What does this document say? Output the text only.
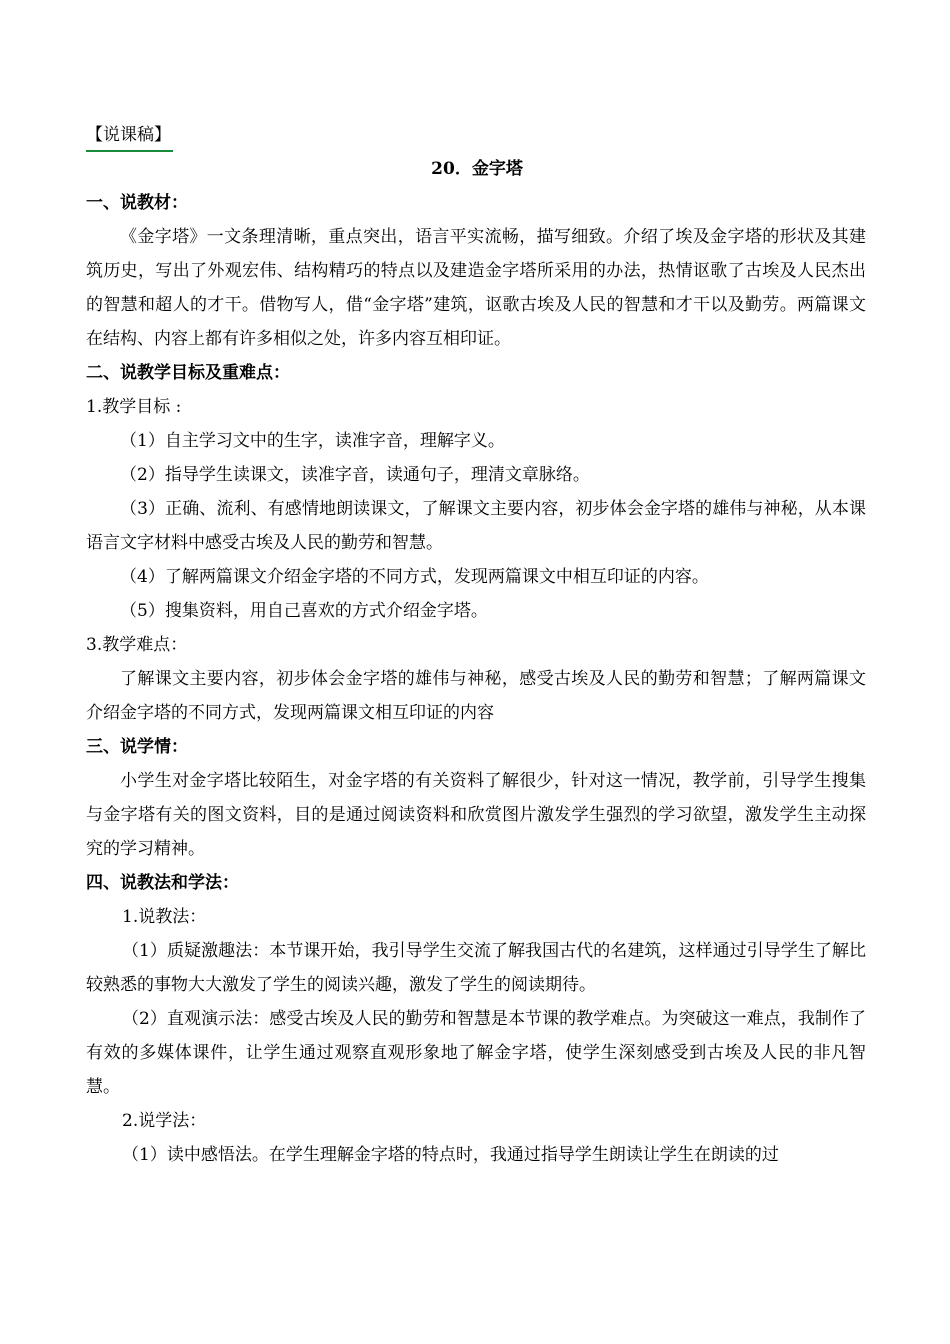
【说课稿】
20．金字塔
一、说教材：

《金字塔》一文条理清晰，重点突出，语言平实流畅，描写细致。介绍了埃及金字塔的形状及其建筑历史，写出了外观宏伟、结构精巧的特点以及建造金字塔所采用的办法，热情讴歌了古埃及人民杰出的智慧和超人的才干。借物写人，借“金字塔”建筑，讴歌古埃及人民的智慧和才干以及勤劳。两篇课文在结构、内容上都有许多相似之处，许多内容互相印证。

二、说教学目标及重难点：

1.教学目标 :

（1）自主学习文中的生字，读准字音，理解字义。

（2）指导学生读课文，读准字音，读通句子，理清文章脉络。

（3）正确、流利、有感情地朗读课文，了解课文主要内容，初步体会金字塔的雄伟与神秘，从本课语言文字材料中感受古埃及人民的勤劳和智慧。

（4）了解两篇课文介绍金字塔的不同方式，发现两篇课文中相互印证的内容。

（5）搜集资料，用自己喜欢的方式介绍金字塔。

3.教学难点：

了解课文主要内容，初步体会金字塔的雄伟与神秘，感受古埃及人民的勤劳和智慧；了解两篇课文介绍金字塔的不同方式，发现两篇课文相互印证的内容

三、说学情：

小学生对金字塔比较陌生，对金字塔的有关资料了解很少，针对这一情况，教学前，引导学生搜集与金字塔有关的图文资料，目的是通过阅读资料和欣赏图片激发学生强烈的学习欲望，激发学生主动探究的学习精神。

四、说教法和学法：

1.说教法：

（1）质疑激趣法：本节课开始，我引导学生交流了解我国古代的名建筑，这样通过引导学生了解比较熟悉的事物大大激发了学生的阅读兴趣，激发了学生的阅读期待。

（2）直观演示法：感受古埃及人民的勤劳和智慧是本节课的教学难点。为突破这一难点，我制作了有效的多媒体课件，让学生通过观察直观形象地了解金字塔，使学生深刻感受到古埃及人民的非凡智慧。

2.说学法：

（1）读中感悟法。在学生理解金字塔的特点时，我通过指导学生朗读让学生在朗读的过
